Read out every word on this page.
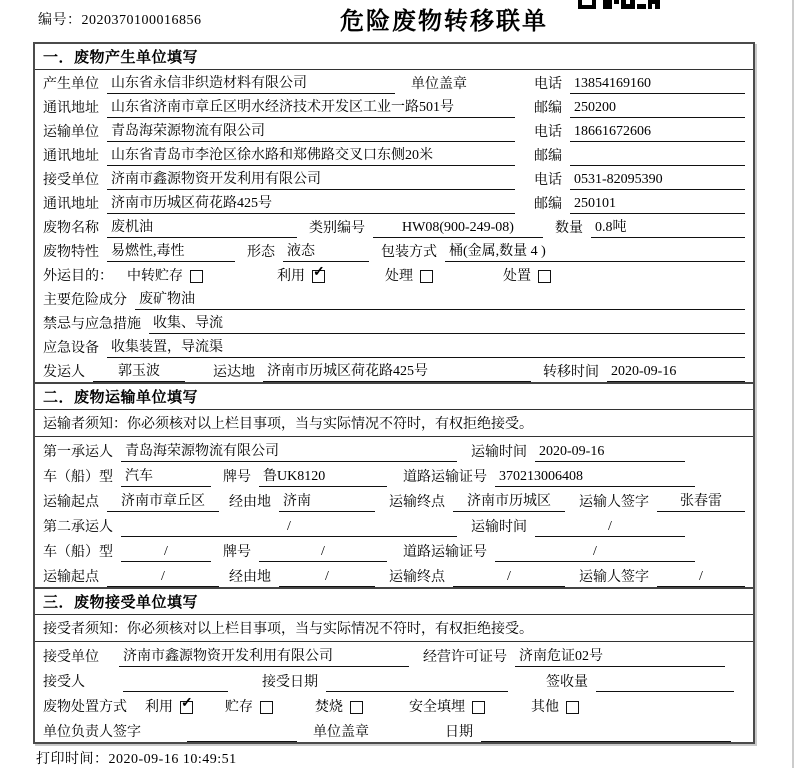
编号：2020370100016856	危险废物转移联单
一．废物产生单位填写
产生单位 山东省永信非织造材料有限公司	单位盖章	电话 13854169160
通讯地址 山东省济南市章丘区明水经济技术开发区工业一路501号	邮编 250200
运输单位 青岛海荣源物流有限公司	电话 18661672606
通讯地址 山东省青岛市李沧区徐水路和郑佛路交叉口东侧20米	邮编
接受单位 济南市鑫源物资开发利用有限公司	电话 0531-82095390
通讯地址 济南市历城区荷花路425号	邮编 250101
废物名称 废机油	类别编号	HW08(900-249-08)	数量 0.8吨
废物特性 易燃性,毒性	形态 液态	包装方式 桶(金属,数量 4 )
外运目的： 中转贮存	利用 ✓	处理	处置
主要危险成分 废矿物油
禁忌与应急措施 收集、导流
应急设备 收集装置，导流渠
发运人	郭玉波	运达地 济南市历城区荷花路425号	转移时间 2020-09-16
二．废物运输单位填写
运输者须知： 你必须核对以上栏目事项，当与实际情况不符时，有权拒绝接受。
第一承运人 青岛海荣源物流有限公司	运输时间 2020-09-16
车（船）型 汽车	牌号 鲁UK8120	道路运输证号 370213006408
运输起点	济南市章丘区	经由地 济南	运输终点	济南市历城区	运输人签字	张春雷
第二承运人	/	运输时间	/
车（船）型	/	牌号	/	道路运输证号	/
运输起点	/	经由地	/	运输终点	/	运输人签字	/
三．废物接受单位填写
接受者须知： 你必须核对以上栏目事项，当与实际情况不符时，有权拒绝接受。
接受单位 济南市鑫源物资开发利用有限公司	经营许可证号 济南危证02号
接受人	接受日期	签收量
废物处置方式 利用 ✓	贮存	焚烧	安全填埋	其他
单位负责人签字	单位盖章	日期
打印时间：2020-09-16 10:49:51
